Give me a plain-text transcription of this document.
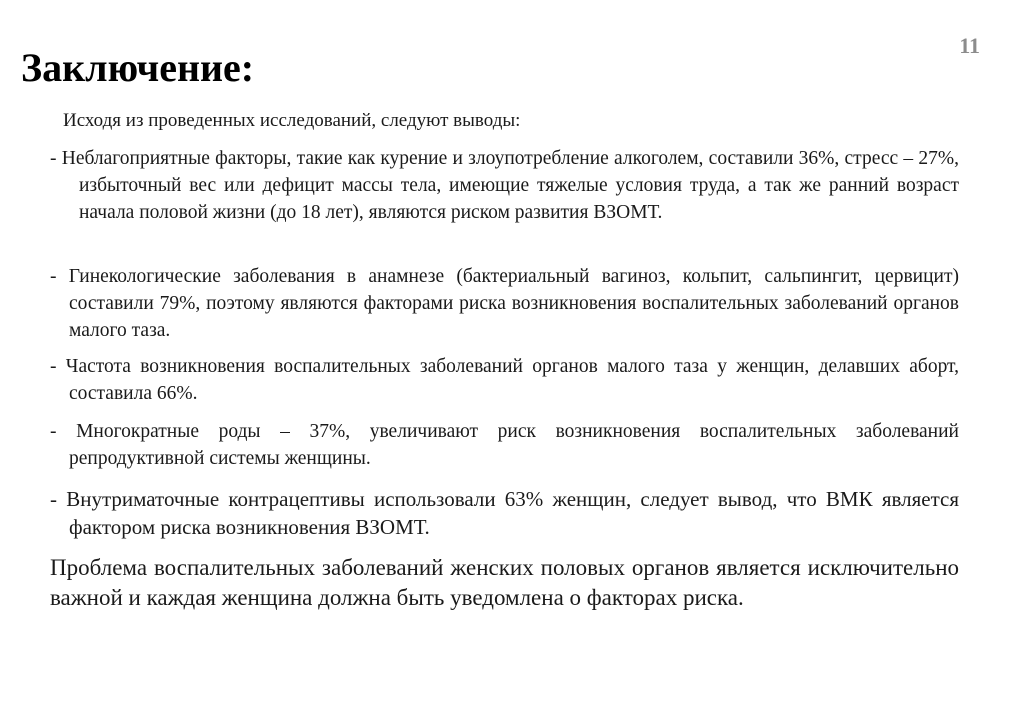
11
Заключение:
Исходя из проведенных исследований, следуют выводы:
- Неблагоприятные факторы, такие как курение и злоупотребление алкоголем, составили 36%, стресс – 27%, избыточный вес или дефицит массы тела, имеющие тяжелые условия труда, а так же ранний возраст начала половой жизни (до 18 лет), являются риском развития ВЗОМТ.
- Гинекологические заболевания в анамнезе (бактериальный вагиноз, кольпит, сальпингит, цервицит) составили 79%, поэтому являются факторами риска возникновения воспалительных заболеваний органов малого таза.
- Частота возникновения воспалительных заболеваний органов малого таза у женщин, делавших аборт, составила 66%.
- Многократные роды – 37%, увеличивают риск возникновения воспалительных заболеваний репродуктивной системы женщины.
- Внутриматочные контрацептивы использовали 63% женщин, следует вывод, что ВМК является фактором риска возникновения ВЗОМТ.
Проблема воспалительных заболеваний женских половых органов является исключительно важной и каждая женщина должна быть уведомлена о факторах риска.
